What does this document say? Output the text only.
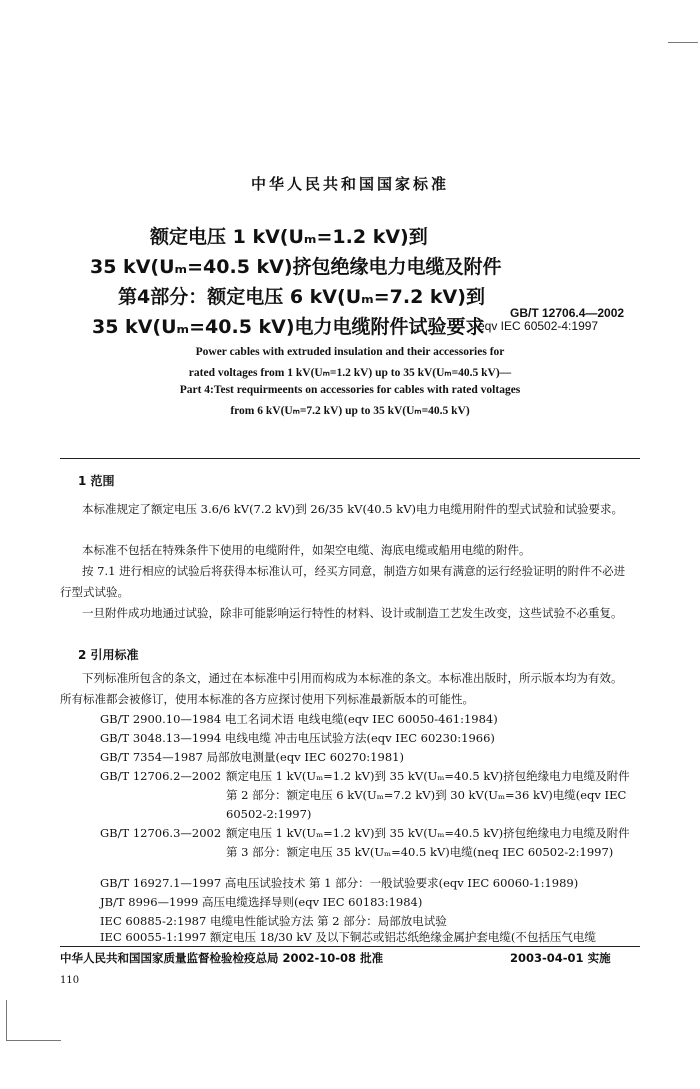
中华人民共和国国家标准
额定电压 1 kV(Uₘ=1.2 kV)到
35 kV(Uₘ=40.5 kV)挤包绝缘电力电缆及附件
第4部分：额定电压 6 kV(Uₘ=7.2 kV)到
35 kV(Uₘ=40.5 kV)电力电缆附件试验要求
GB/T 12706.4—2002
eqv IEC 60502-4:1997
Power cables with extruded insulation and their accessories for
rated voltages from 1 kV(Uₘ=1.2 kV) up to 35 kV(Uₘ=40.5 kV)—
Part 4:Test requirmeents on accessories for cables with rated voltages
from 6 kV(Uₘ=7.2 kV) up to 35 kV(Uₘ=40.5 kV)
1 范围
本标准规定了额定电压 3.6/6 kV(7.2 kV)到 26/35 kV(40.5 kV)电力电缆用附件的型式试验和试验要求。
本标准不包括在特殊条件下使用的电缆附件，如架空电缆、海底电缆或船用电缆的附件。
按 7.1 进行相应的试验后将获得本标准认可，经买方同意，制造方如果有满意的运行经验证明的附件不必进行型式试验。
一旦附件成功地通过试验，除非可能影响运行特性的材料、设计或制造工艺发生改变，这些试验不必重复。
2 引用标准
下列标准所包含的条文，通过在本标准中引用而构成为本标准的条文。本标准出版时，所示版本均为有效。所有标准都会被修订，使用本标准的各方应探讨使用下列标准最新版本的可能性。
GB/T 2900.10—1984 电工名词术语 电线电缆(eqv IEC 60050-461:1984)
GB/T 3048.13—1994 电线电缆 冲击电压试验方法(eqv IEC 60230:1966)
GB/T 7354—1987 局部放电测量(eqv IEC 60270:1981)
GB/T 12706.2—2002 额定电压 1 kV(Uₘ=1.2 kV)到 35 kV(Uₘ=40.5 kV)挤包绝缘电力电缆及附件 第 2 部分：额定电压 6 kV(Uₘ=7.2 kV)到 30 kV(Uₘ=36 kV)电缆(eqv IEC 60502-2:1997)
GB/T 12706.3—2002 额定电压 1 kV(Uₘ=1.2 kV)到 35 kV(Uₘ=40.5 kV)挤包绝缘电力电缆及附件 第 3 部分：额定电压 35 kV(Uₘ=40.5 kV)电缆(neq IEC 60502-2:1997)
GB/T 16927.1—1997 高电压试验技术 第 1 部分：一般试验要求(eqv IEC 60060-1:1989)
JB/T 8996—1999 高压电缆选择导则(eqv IEC 60183:1984)
IEC 60885-2:1987 电缆电性能试验方法 第 2 部分：局部放电试验
IEC 60055-1:1997 额定电压 18/30 kV 及以下铜芯或铝芯纸绝缘金属护套电缆(不包括压气电缆
中华人民共和国国家质量监督检验检疫总局 2002-10-08 批准	2003-04-01 实施
110
